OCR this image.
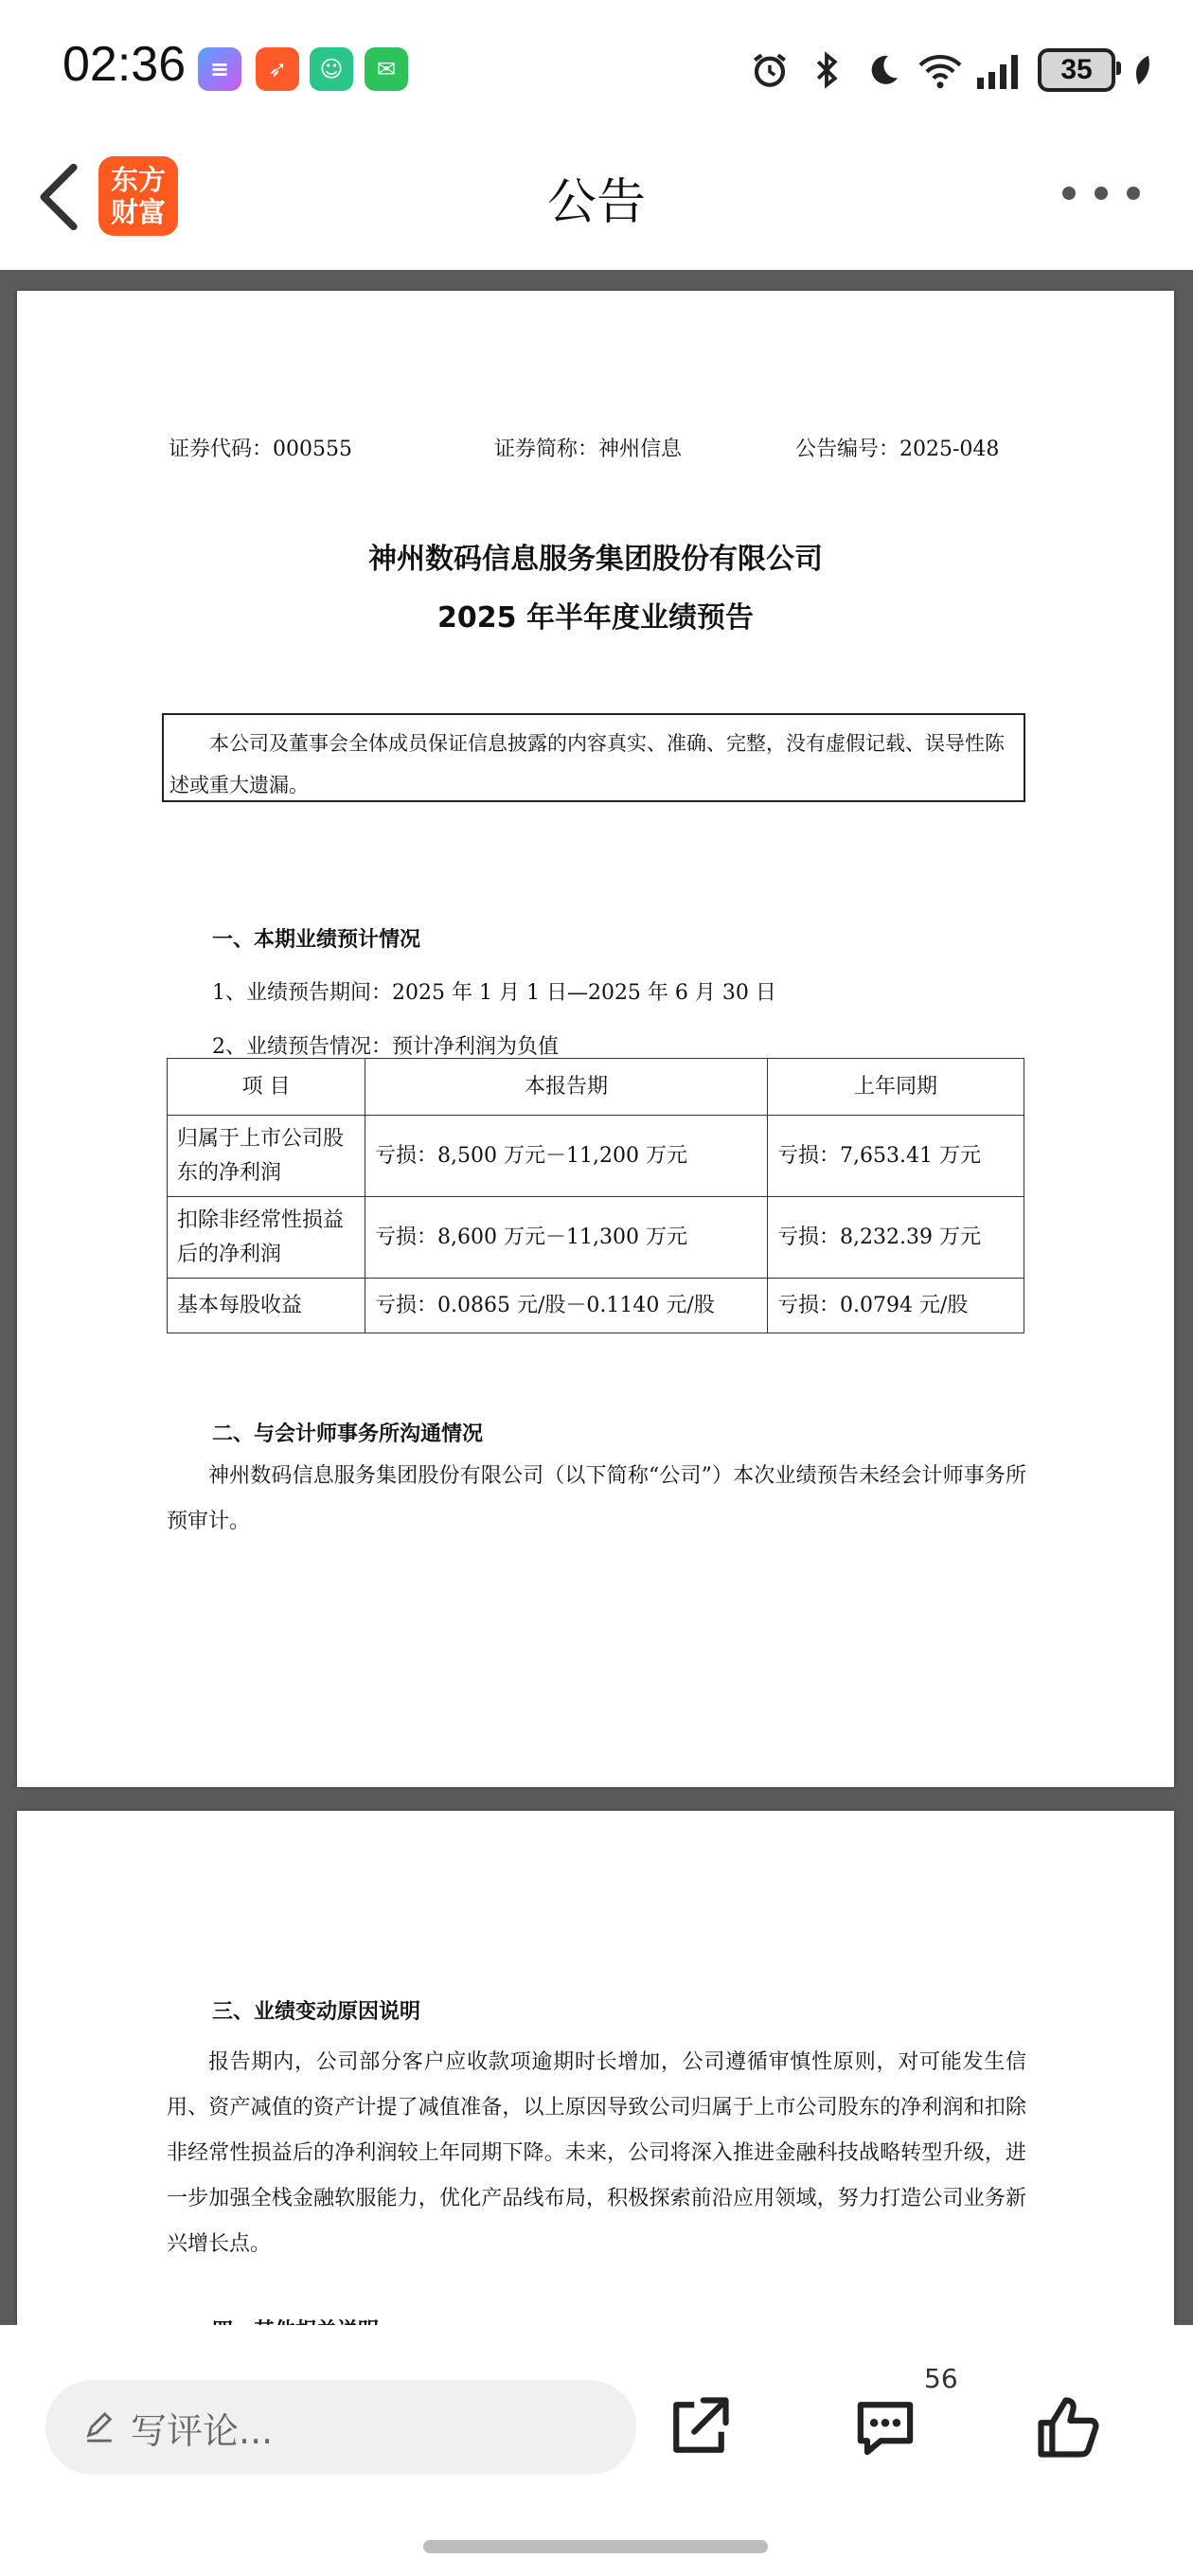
02:36	≡	➶	☺	✉	35
东方
财富	公告
证券代码：000555	证券简称：神州信息	公告编号：2025-048
神州数码信息服务集团股份有限公司
2025 年半年度业绩预告
本公司及董事会全体成员保证信息披露的内容真实、准确、完整，没有虚假记载、误导性陈述或重大遗漏。
一、本期业绩预计情况
1、业绩预告期间：2025 年 1 月 1 日—2025 年 6 月 30 日
2、业绩预告情况：预计净利润为负值
项 目	本报告期	上年同期
归属于上市公司股东的净利润	亏损：8,500 万元－11,200 万元	亏损：7,653.41 万元
扣除非经常性损益后的净利润	亏损：8,600 万元－11,300 万元	亏损：8,232.39 万元
基本每股收益	亏损：0.0865 元/股－0.1140 元/股	亏损：0.0794 元/股
二、与会计师事务所沟通情况
神州数码信息服务集团股份有限公司（以下简称“公司”）本次业绩预告未经会计师事务所预审计。
三、业绩变动原因说明
报告期内，公司部分客户应收款项逾期时长增加，公司遵循审慎性原则，对可能发生信用、资产减值的资产计提了减值准备，以上原因导致公司归属于上市公司股东的净利润和扣除非经常性损益后的净利润较上年同期下降。未来，公司将深入推进金融科技战略转型升级，进一步加强全栈金融软服能力，优化产品线布局，积极探索前沿应用领域，努力打造公司业务新兴增长点。
写评论...
56
